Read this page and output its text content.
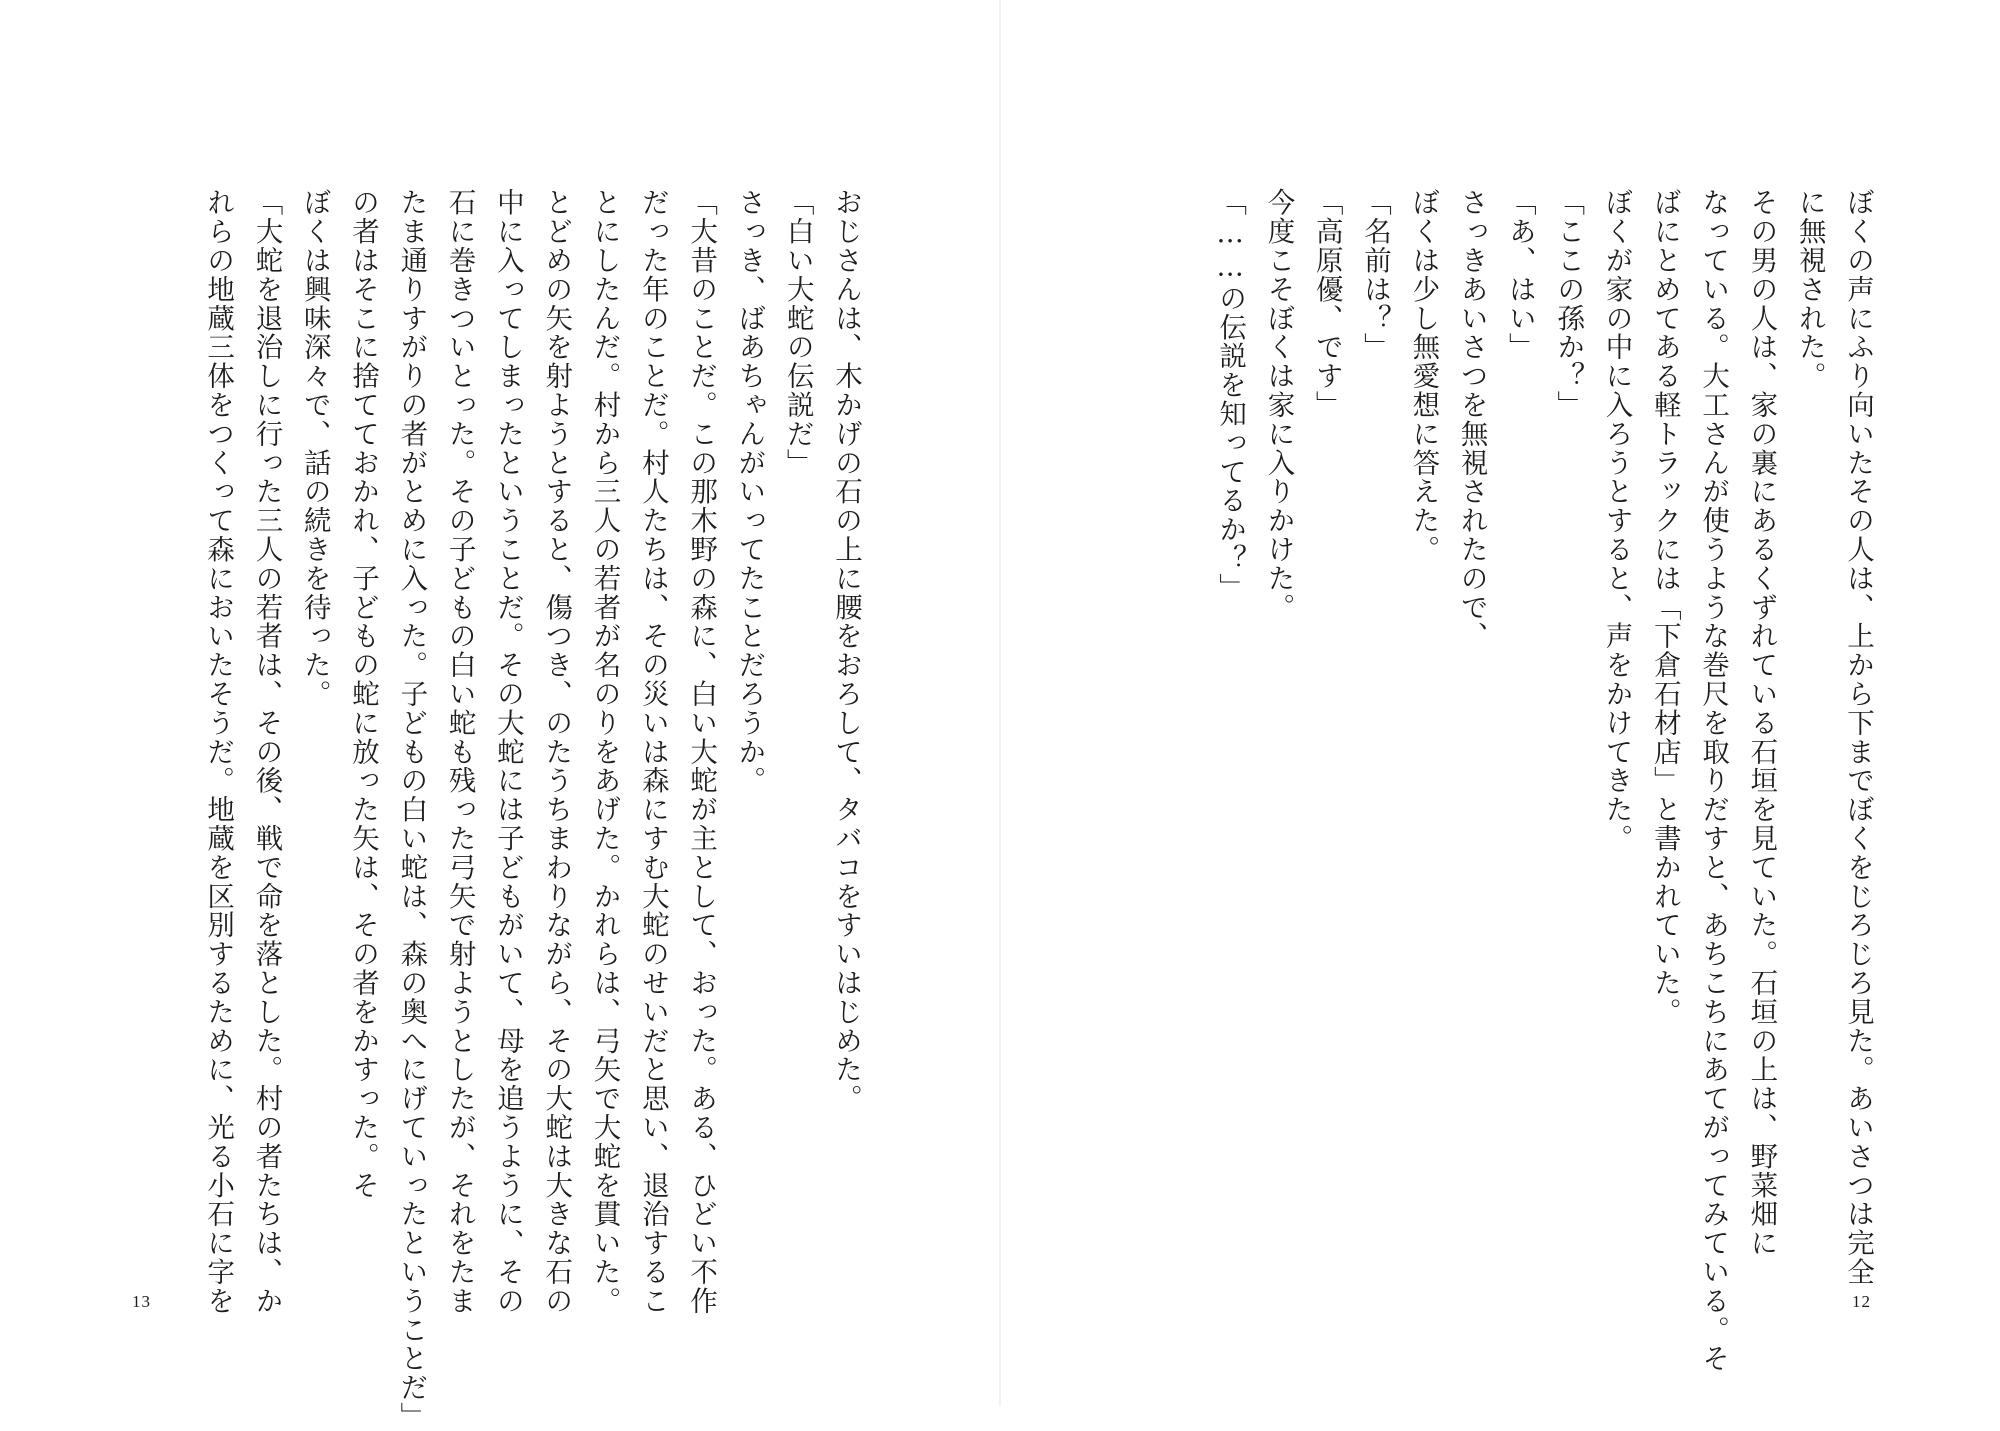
おじさんは、木かげの石の上に腰をおろして、タバコをすいはじめた。

「白い大蛇の伝説だ」

さっき、ばあちゃんがいってたことだろうか。

「大昔のことだ。この那木野の森に、白い大蛇が主として、おった。ある、ひどい不作

だった年のことだ。村人たちは、その災いは森にすむ大蛇のせいだと思い、退治するこ

とにしたんだ。村から三人の若者が名のりをあげた。かれらは、弓矢で大蛇を貫いた。

とどめの矢を射ようとすると、傷つき、のたうちまわりながら、その大蛇は大きな石の

中に入ってしまったということだ。その大蛇には子どもがいて、母を追うように、その

石に巻きついとった。その子どもの白い蛇も残った弓矢で射ようとしたが、それをたま

たま通りすがりの者がとめに入った。子どもの白い蛇は、森の奥へにげていったということだ」

の者はそこに捨てておかれ、子どもの蛇に放った矢は、その者をかすった。そ

ぼくは興味深々で、話の続きを待った。

「大蛇を退治しに行った三人の若者は、その後、戦で命を落とした。村の者たちは、か

れらの地蔵三体をつくって森においたそうだ。地蔵を区別するために、光る小石に字を

13

ぼくの声にふり向いたその人は、上から下までぼくをじろじろ見た。あいさつは完全

に無視された。

その男の人は、家の裏にあるくずれている石垣を見ていた。石垣の上は、野菜畑に

なっている。大工さんが使うような巻尺を取りだすと、あちこちにあてがってみている。そ

ばにとめてある軽トラックには「下倉石材店」と書かれていた。

ぼくが家の中に入ろうとすると、声をかけてきた。

「ここの孫か？」

「あ、はい」

さっきあいさつを無視されたので、

ぼくは少し無愛想に答えた。

「名前は？」

「高原優、です」

今度こそぼくは家に入りかけた。

「……の伝説を知ってるか？」

12
